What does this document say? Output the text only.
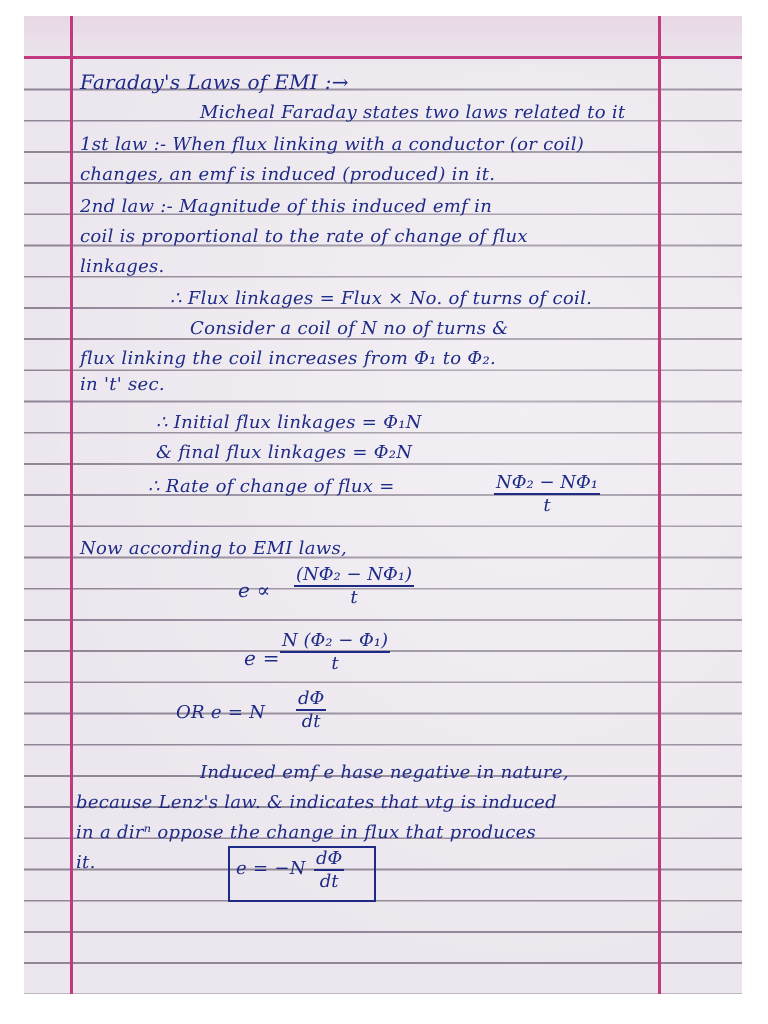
Faraday's Laws of EMI :→
Micheal Faraday states two laws related to it
1st law :- When flux linking with a conductor (or coil)
changes, an emf is induced (produced) in it.
2nd law :- Magnitude of this induced emf in
coil is proportional to the rate of change of flux
linkages.
∴ Flux linkages = Flux × No. of turns of coil.
Consider a coil of N no of turns &
flux linking the coil increases from Φ₁ to Φ₂.
in 't' sec.
∴ Initial flux linkages = Φ₁N
& final flux linkages = Φ₂N
∴ Rate of change of flux =	$\frac{\text{NΦ₂ − NΦ₁}}{t}$
Now according to EMI laws,
$e \propto \frac{\text{(NΦ₂ − NΦ₁)}}{t}$
$e = \frac{\text{N (Φ₂ − Φ₁)}}{t}$
OR e = N $\frac{d\Phi}{dt}$
Induced emf e hase negative in nature,
because Lenz's law. & indicates that vtg is induced
in a dirⁿ oppose the change in flux that produces
it.	$e = -N \frac{d\Phi}{dt}$
